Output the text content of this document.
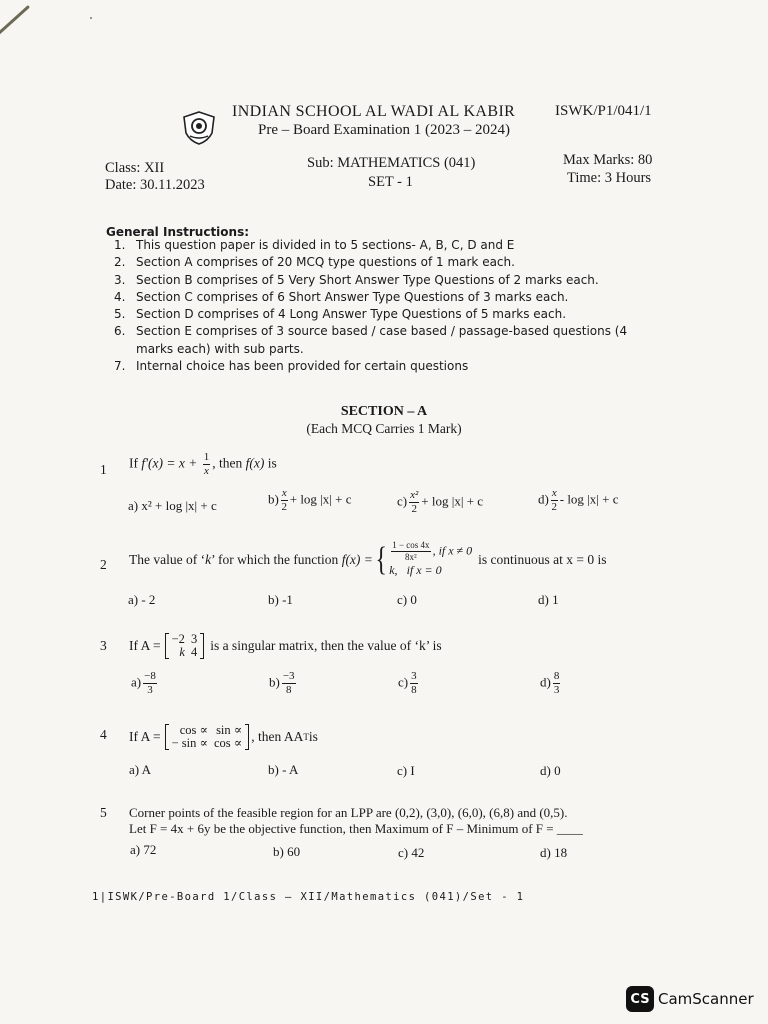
INDIAN SCHOOL AL WADI AL KABIR	ISWK/P1/041/1
Pre – Board Examination 1 (2023 – 2024)
Class: XII
Date: 30.11.2023
Sub: MATHEMATICS (041)
SET - 1
Max Marks: 80
Time: 3 Hours
General Instructions:
1. This question paper is divided in to 5 sections- A, B, C, D and E
2. Section A comprises of 20 MCQ type questions of 1 mark each.
3. Section B comprises of 5 Very Short Answer Type Questions of 2 marks each.
4. Section C comprises of 6 Short Answer Type Questions of 3 marks each.
5. Section D comprises of 4 Long Answer Type Questions of 5 marks each.
6. Section E comprises of 3 source based / case based / passage-based questions (4 marks each) with sub parts.
7. Internal choice has been provided for certain questions
SECTION – A
(Each MCQ Carries 1 Mark)
1 If $f'(x) = x + \frac{1}{x}$ , then f(x) is
a) x² + log |x| + c	$b) \frac{x}{2} + \log |x| + c$	$c) \frac{\text{x²}}{2} + \log |x| + c$	$d) \frac{x}{2} - \log |x| + c$
2 The value of ‘ k ’ for which the function f(x) = { $\frac{1 - \cos 4x}{\text{8x²}}$ , if x ≠ 0
k, if x = 0
is continuous at x = 0 is
a) - 2	b) -1	c) 0	d) 1
3 If A = −2	3
k	4 is a singular matrix, then the value of ‘k’ is
$a) \frac{-8}{3}$	$b) \frac{-3}{8}$	$c) \frac{3}{8}$	$d) \frac{8}{3}$
4 If A = cos ∝	sin ∝
− sin ∝	cos ∝ , then AA T is
a) A	b) - A	c) I	d) 0
5 Corner points of the feasible region for an LPP are (0,2), (3,0), (6,0), (6,8) and (0,5).
Let F = 4x + 6y be the objective function, then Maximum of F – Minimum of F = ____
a) 72	b) 60	c) 42	d) 18
1|ISWK/Pre-Board 1/Class – XII/Mathematics (041)/Set - 1
CS CamScanner
